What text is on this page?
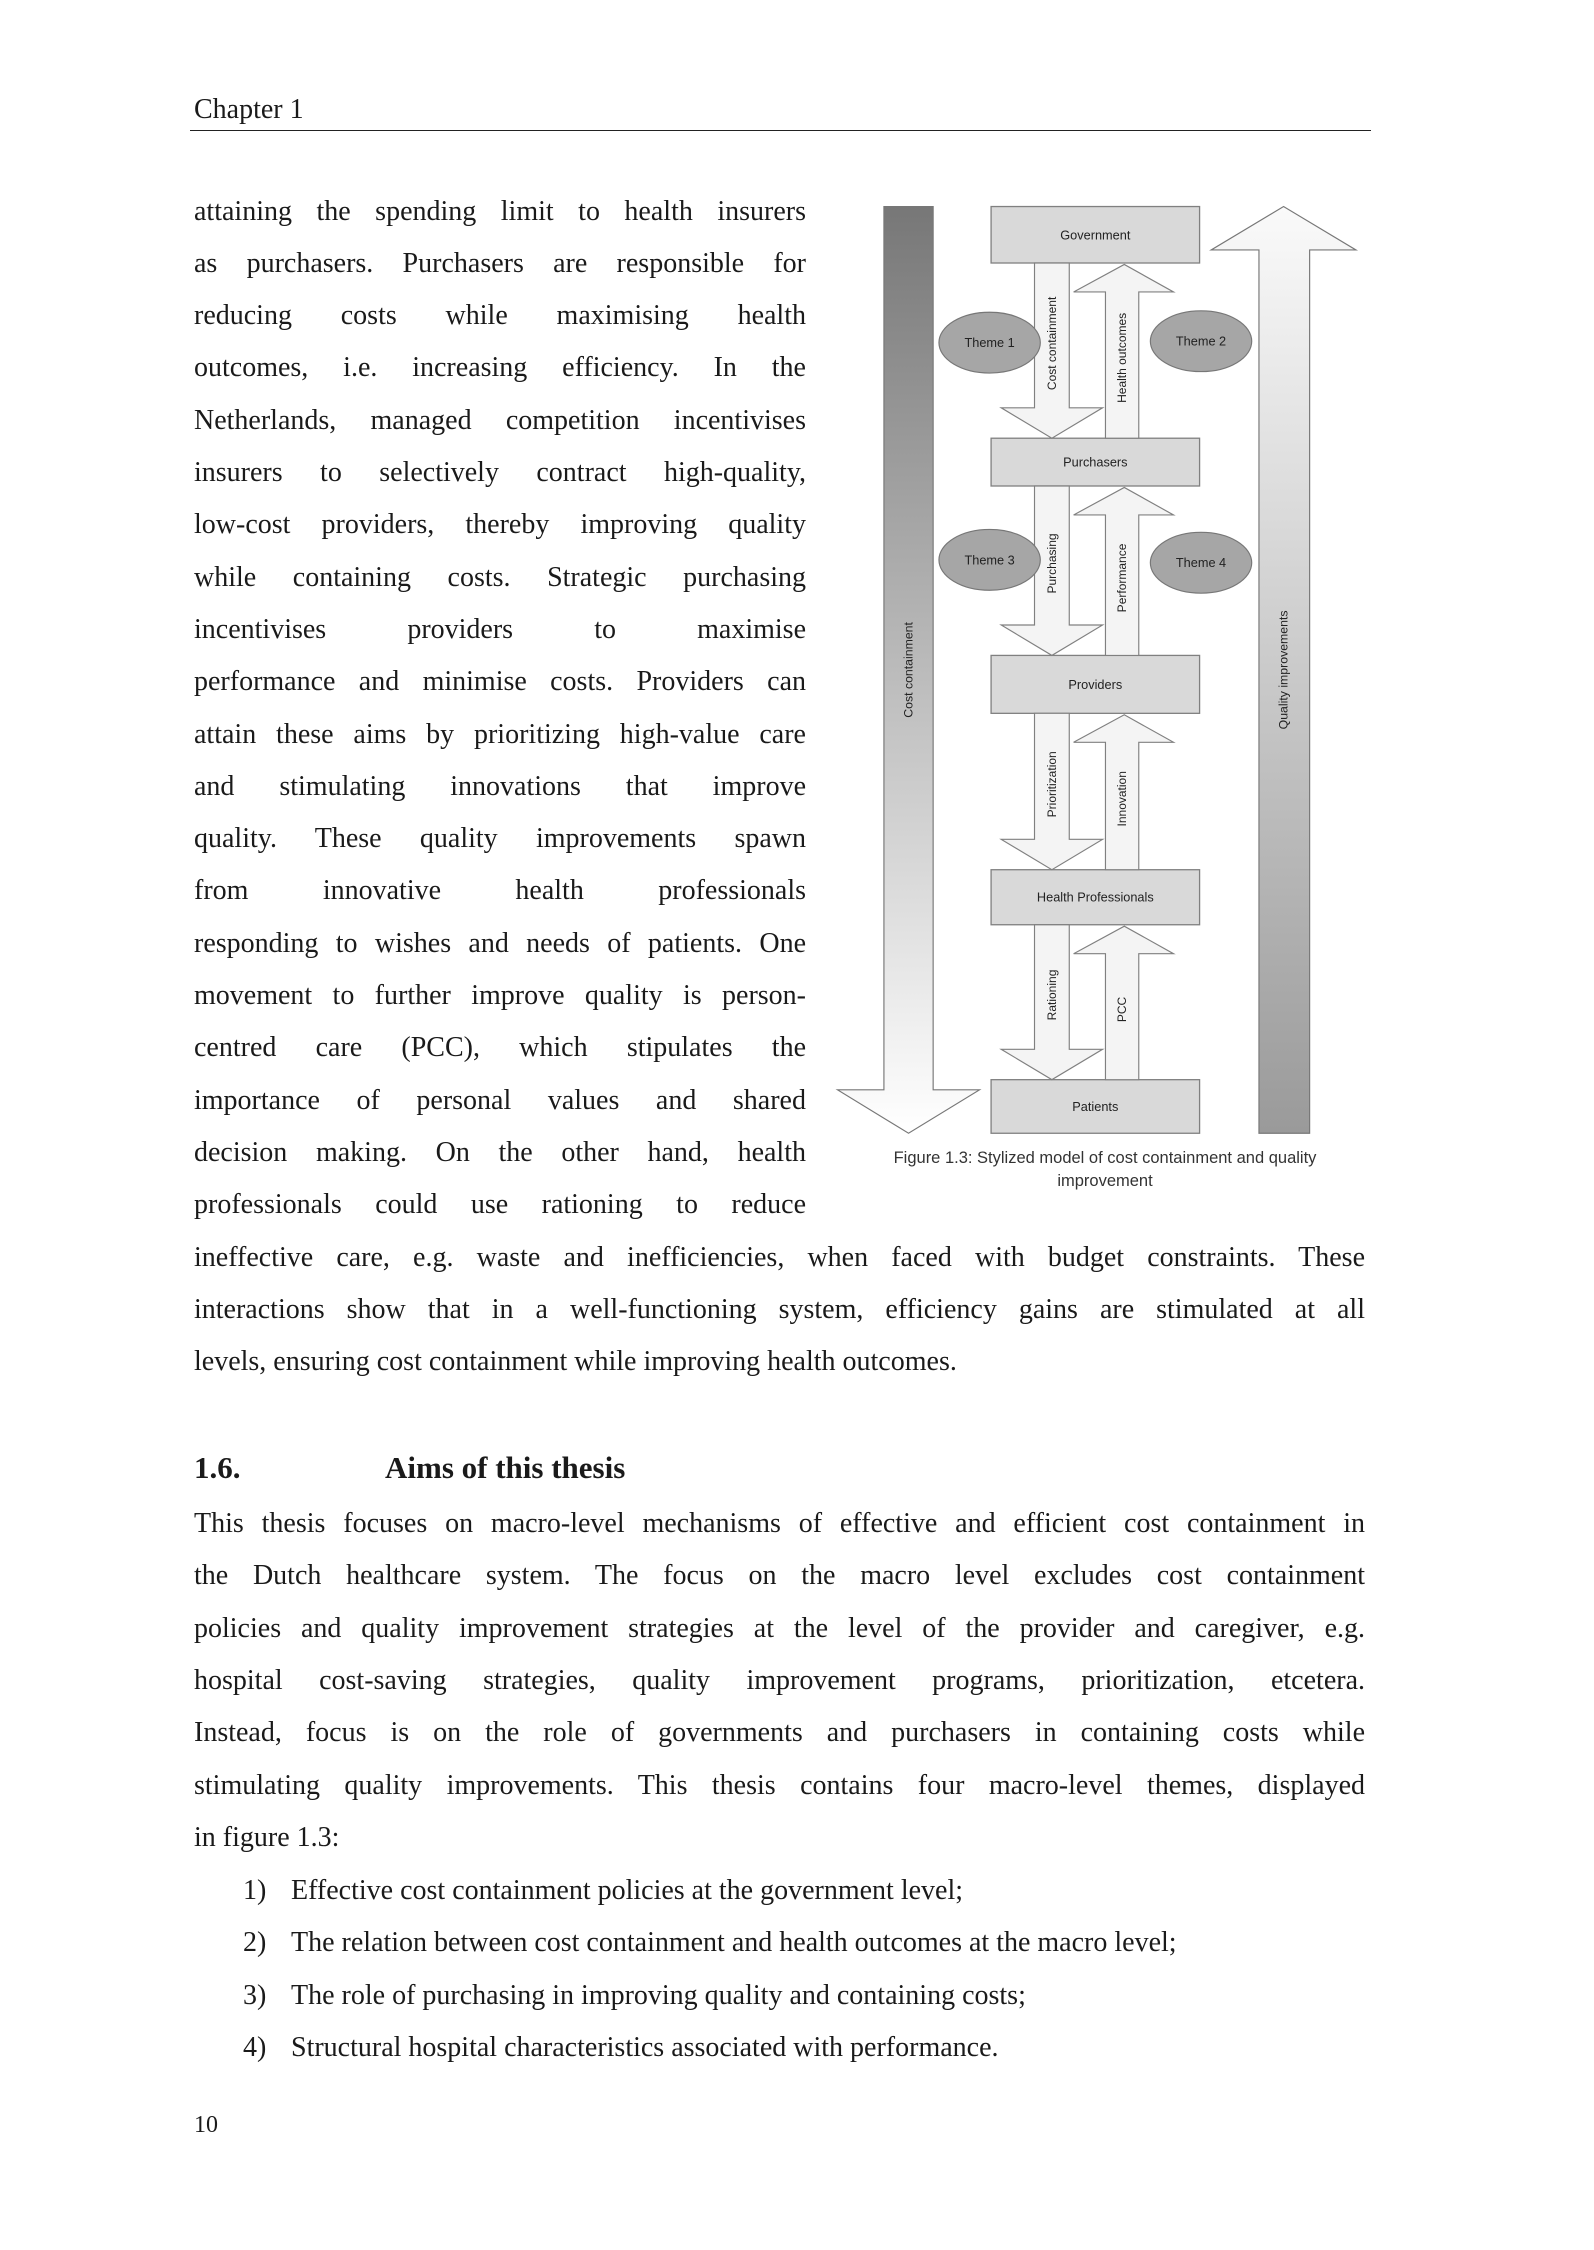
Chapter 1
attaining the spending limit to health insurers
as purchasers. Purchasers are responsible for
reducing costs while maximising health
outcomes, i.e. increasing efficiency. In the
Netherlands, managed competition incentivises
insurers to selectively contract high-quality,
low-cost providers, thereby improving quality
while containing costs. Strategic purchasing
incentivises providers to maximise
performance and minimise costs. Providers can
attain these aims by prioritizing high-value care
and stimulating innovations that improve
quality. These quality improvements spawn
from innovative health professionals
responding to wishes and needs of patients. One
movement to further improve quality is person-
centred care (PCC), which stipulates the
importance of personal values and shared
decision making. On the other hand, health
professionals could use rationing to reduce
ineffective care, e.g. waste and inefficiencies, when faced with budget constraints. These
interactions show that in a well-functioning system, efficiency gains are stimulated at all
levels, ensuring cost containment while improving health outcomes.
1.6.	Aims of this thesis
This thesis focuses on macro-level mechanisms of effective and efficient cost containment in
the Dutch healthcare system. The focus on the macro level excludes cost containment
policies and quality improvement strategies at the level of the provider and caregiver, e.g.
hospital cost-saving strategies, quality improvement programs, prioritization, etcetera.
Instead, focus is on the role of governments and purchasers in containing costs while
stimulating quality improvements. This thesis contains four macro-level themes, displayed
in figure 1.3:
1) Effective cost containment policies at the government level;
2) The relation between cost containment and health outcomes at the macro level;
3) The role of purchasing in improving quality and containing costs;
4) Structural hospital characteristics associated with performance.
Cost containment	Quality improvements
Government
Purchasers
Providers
Health Professionals
Patients
Cost containment	Health outcomes
Purchasing	Performance
Prioritization	Innovation
Rationing	PCC
Theme 1	Theme 2
Theme 3	Theme 4
Figure 1.3: Stylized model of cost containment and quality
improvement
10
